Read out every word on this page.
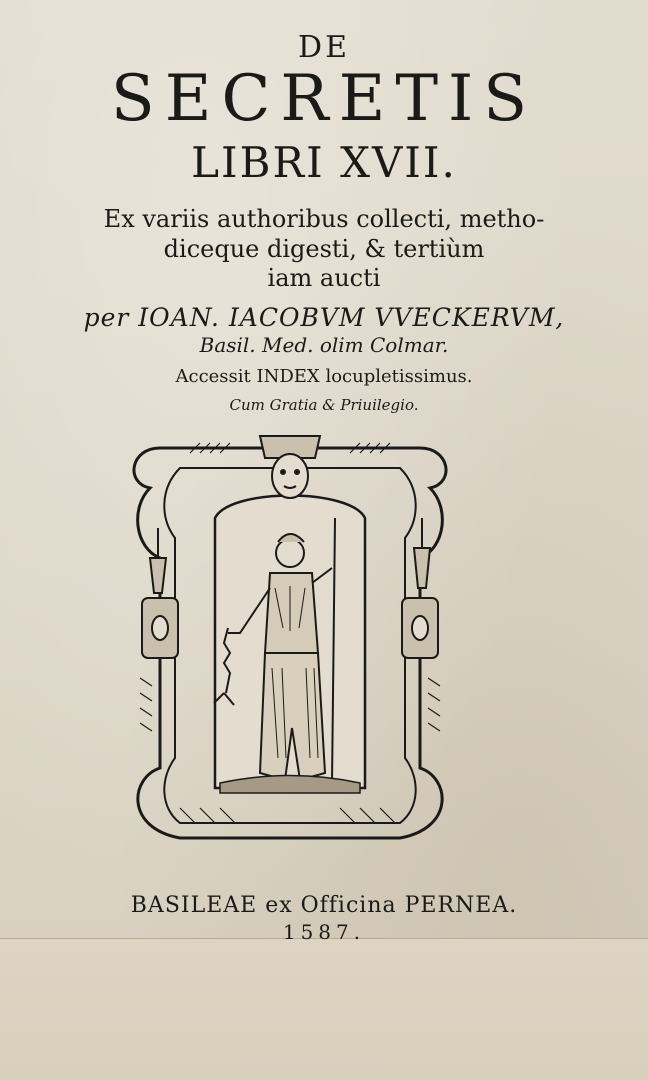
DE
SECRETIS
LIBRI XVII.
Ex variis authoribus collecti, metho-
diceque digesti, & tertiùm
iam aucti
per IOAN. IACOBVM VVECKERVM,
Basil. Med. olim Colmar.
Accessit INDEX locupletissimus.
Cum Gratia & Priuilegio.
BASILEAE ex Officina PERNEA.
1587.
